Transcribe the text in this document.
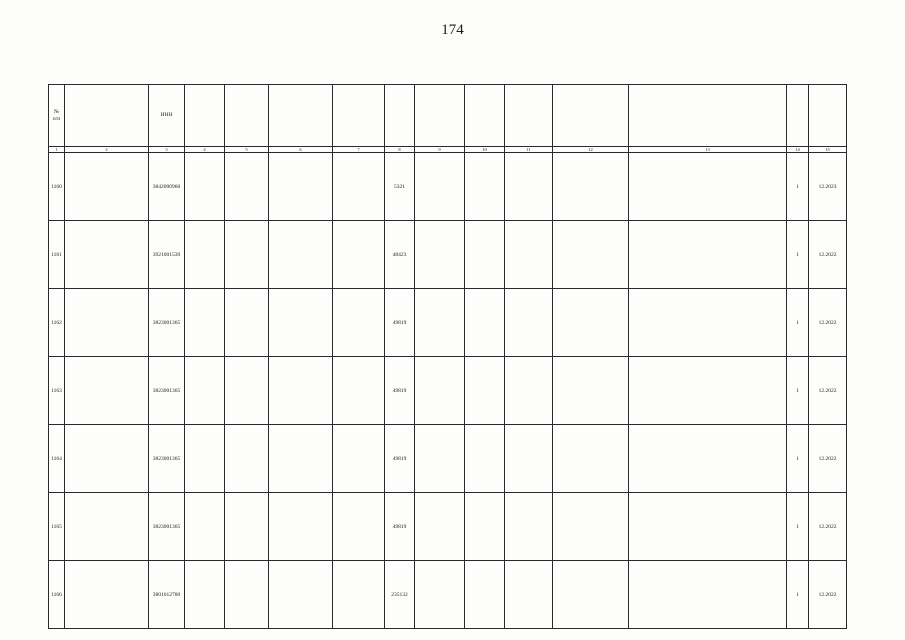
174
№ п/п		ИНН												
1	2	3	4	5	6	7	8	9	10	11	12	13	14	15
1160		3842000960					5321						1	12.2023
1161		3921001539					48423						1	12.2022
1162		3823001365					49819						1	12.2022
1163		3823001365					49819						1	12.2022
1164		3823001365					49819						1	12.2022
1165		3823001365					49819						1	12.2022
1166		3801012780					235132						1	12.2022
